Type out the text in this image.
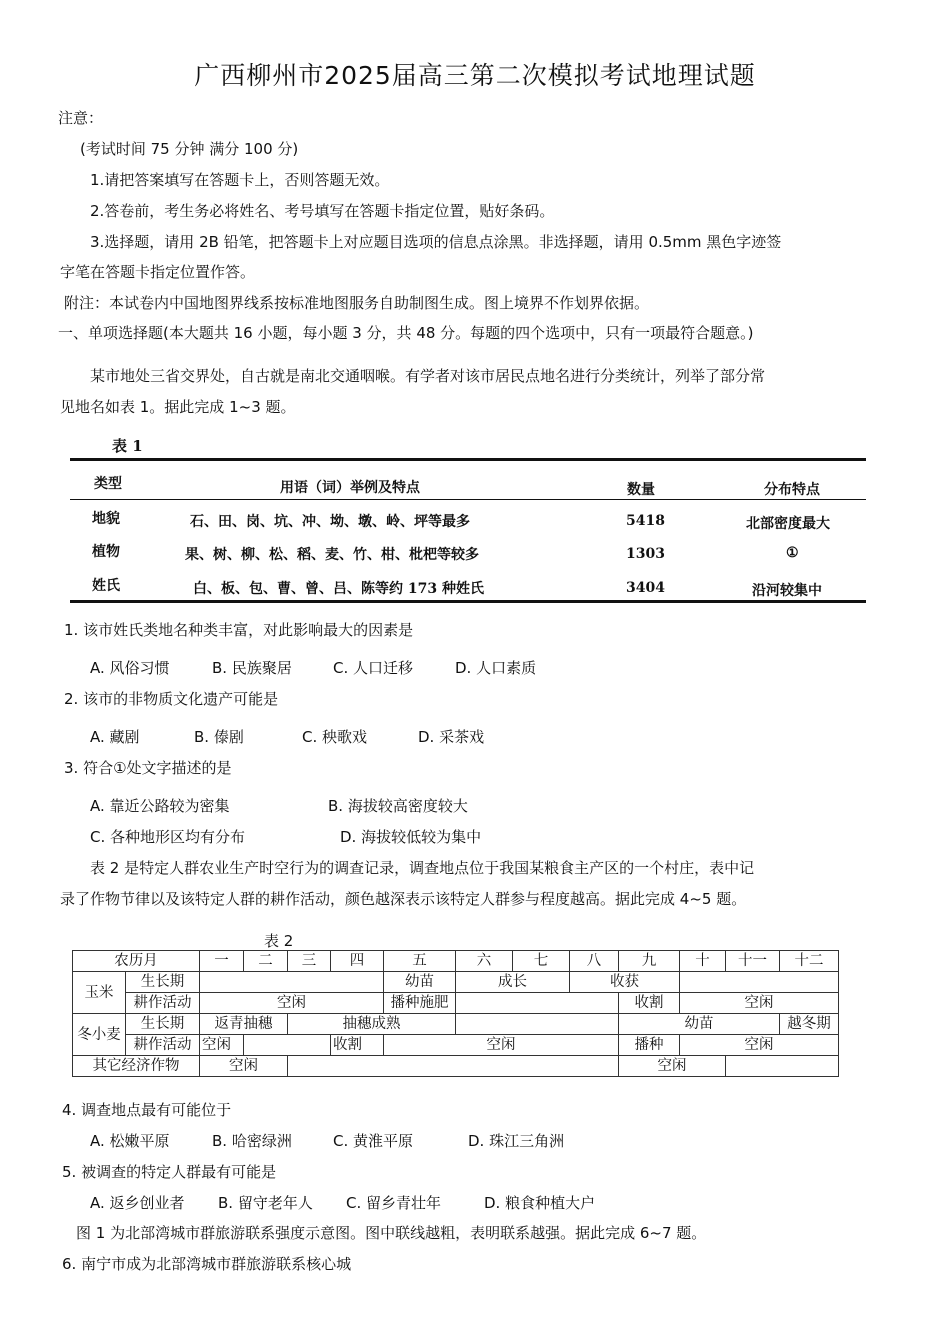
广西柳州市2025届高三第二次模拟考试地理试题
注意：
(考试时间 75 分钟 满分 100 分)
1.请把答案填写在答题卡上，否则答题无效。
2.答卷前，考生务必将姓名、考号填写在答题卡指定位置，贴好条码。
3.选择题，请用 2B 铅笔，把答题卡上对应题目选项的信息点涂黑。非选择题，请用 0.5mm 黑色字迹签
字笔在答题卡指定位置作答。
附注：本试卷内中国地图界线系按标准地图服务自助制图生成。图上境界不作划界依据。
一、单项选择题(本大题共 16 小题，每小题 3 分，共 48 分。每题的四个选项中，只有一项最符合题意。)
某市地处三省交界处，自古就是南北交通咽喉。有学者对该市居民点地名进行分类统计，列举了部分常
见地名如表 1。据此完成 1~3 题。
表 1
类型	用语（词）举例及特点	数量	分布特点
地貌	石、田、岗、坑、冲、坳、墩、岭、坪等最多	5418	北部密度最大
植物	果、树、柳、松、稻、麦、竹、柑、枇杷等较多	1303	①
姓氏	白、板、包、曹、曾、吕、陈等约 173 种姓氏	3404	沿河较集中
1. 该市姓氏类地名种类丰富，对此影响最大的因素是
A. 风俗习惯	B. 民族聚居	C. 人口迁移	D. 人口素质
2. 该市的非物质文化遗产可能是
A. 藏剧	B. 傣剧	C. 秧歌戏	D. 采茶戏
3. 符合①处文字描述的是
A. 靠近公路较为密集	B. 海拔较高密度较大
C. 各种地形区均有分布	D. 海拔较低较为集中
表 2 是特定人群农业生产时空行为的调查记录，调查地点位于我国某粮食主产区的一个村庄，表中记
录了作物节律以及该特定人群的耕作活动，颜色越深表示该特定人群参与程度越高。据此完成 4~5 题。
表 2
农历月		一	二	三	四	五	六	七	八	九	十	十一	十二
玉米	生长期					幼苗	成长		收获				
	耕作活动	空闲				播种施肥				收割	空闲		
冬小麦	生长期	返青抽穗		抽穗成熟						幼苗			越冬期
	耕作活动	空闲			收割	空闲				播种	空闲		
其它经济作物		空闲								空闲			
4. 调查地点最有可能位于
A. 松嫩平原	B. 哈密绿洲	C. 黄淮平原	D. 珠江三角洲
5. 被调查的特定人群最有可能是
A. 返乡创业者 B. 留守老年人 C. 留乡青壮年	D. 粮食种植大户
图 1 为北部湾城市群旅游联系强度示意图。图中联线越粗，表明联系越强。据此完成 6~7 题。
6. 南宁市成为北部湾城市群旅游联系核心城
